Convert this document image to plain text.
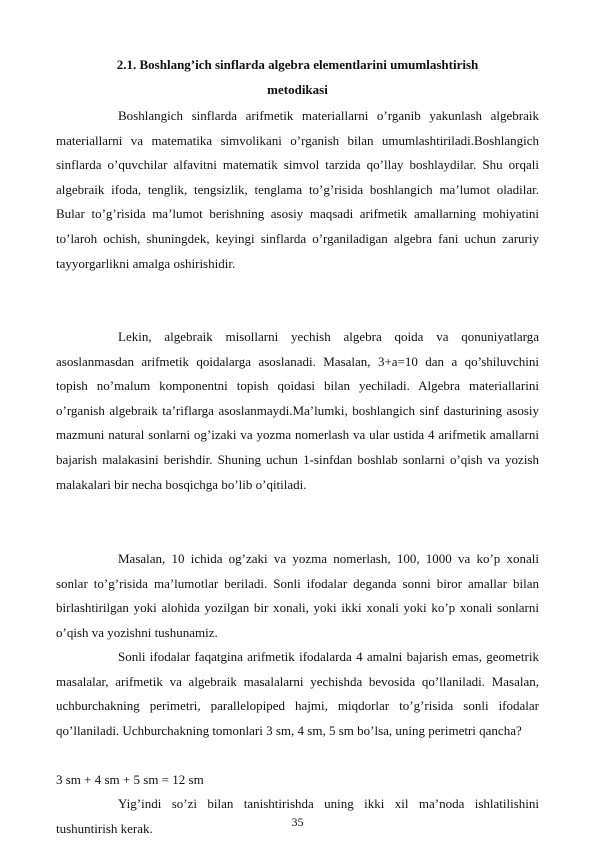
2.1. Boshlang’ich sinflarda algebra elementlarini umumlashtirish
metodikasi

Boshlangich sinflarda arifmetik materiallarni o’rganib yakunlash algebraik materiallarni va matematika simvolikani o’rganish bilan umumlashtiriladi.Boshlangich sinflarda o’quvchilar alfavitni matematik simvol tarzida qo’llay boshlaydilar. Shu orqali algebraik ifoda, tenglik, tengsizlik, tenglama to’g’risida boshlangich ma’lumot oladilar. Bular to’g’risida ma’lumot berishning asosiy maqsadi arifmetik amallarning mohiyatini to’laroh ochish, shuningdek, keyingi sinflarda o’rganiladigan algebra fani uchun zaruriy tayyorgarlikni amalga oshirishidir.

Lekin, algebraik misollarni yechish algebra qoida va qonuniyatlarga asoslanmasdan arifmetik qoidalarga asoslanadi. Masalan, 3+a=10 dan a qo’shiluvchini topish no’malum komponentni topish qoidasi bilan yechiladi. Algebra materiallarini o’rganish algebraik ta’riflarga asoslanmaydi.Ma’lumki, boshlangich sinf dasturining asosiy mazmuni natural sonlarni og’izaki va yozma nomerlash va ular ustida 4 arifmetik amallarni bajarish malakasini berishdir. Shuning uchun 1-sinfdan boshlab sonlarni o’qish va yozish malakalari bir necha bosqichga bo’lib o’qitiladi.

Masalan, 10 ichida og’zaki va yozma nomerlash, 100, 1000 va ko’p xonali sonlar to’g’risida ma’lumotlar beriladi. Sonli ifodalar deganda sonni biror amallar bilan birlashtirilgan yoki alohida yozilgan bir xonali, yoki ikki xonali yoki ko’p xonali sonlarni o’qish va yozishni tushunamiz.

Sonli ifodalar faqatgina arifmetik ifodalarda 4 amalni bajarish emas, geometrik masalalar, arifmetik va algebraik masalalarni yechishda bevosida qo’llaniladi. Masalan, uchburchakning perimetri, parallelopiped hajmi, miqdorlar to’g’risida sonli ifodalar qo’llaniladi. Uchburchakning tomonlari 3 sm, 4 sm, 5 sm bo’lsa, uning perimetri qancha?

3 sm + 4 sm + 5 sm = 12 sm

Yig’indi so’zi bilan tanishtirishda uning ikki xil ma’noda ishlatilishini tushuntirish kerak.	35
